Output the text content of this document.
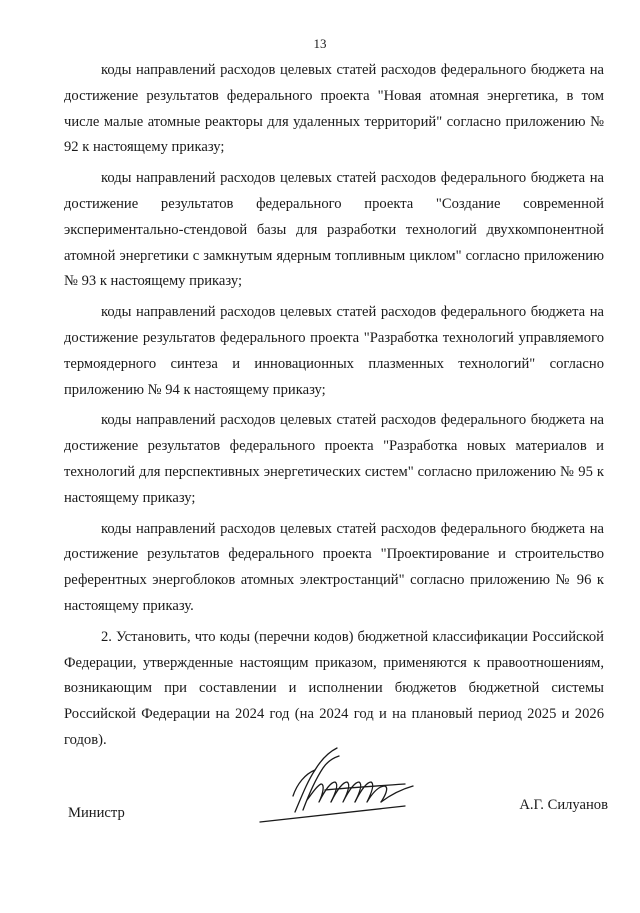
13

коды направлений расходов целевых статей расходов федерального бюджета на достижение результатов федерального проекта "Новая атомная энергетика, в том числе малые атомные реакторы для удаленных территорий" согласно приложению № 92 к настоящему приказу;

коды направлений расходов целевых статей расходов федерального бюджета на достижение результатов федерального проекта "Создание современной экспериментально-стендовой базы для разработки технологий двухкомпонентной атомной энергетики с замкнутым ядерным топливным циклом" согласно приложению № 93 к настоящему приказу;

коды направлений расходов целевых статей расходов федерального бюджета на достижение результатов федерального проекта "Разработка технологий управляемого термоядерного синтеза и инновационных плазменных технологий" согласно приложению № 94 к настоящему приказу;

коды направлений расходов целевых статей расходов федерального бюджета на достижение результатов федерального проекта "Разработка новых материалов и технологий для перспективных энергетических систем" согласно приложению № 95 к настоящему приказу;

коды направлений расходов целевых статей расходов федерального бюджета на достижение результатов федерального проекта "Проектирование и строительство референтных энергоблоков атомных электростанций" согласно приложению № 96 к настоящему приказу.

2. Установить, что коды (перечни кодов) бюджетной классификации Российской Федерации, утвержденные настоящим приказом, применяются к правоотношениям, возникающим при составлении и исполнении бюджетов бюджетной системы Российской Федерации на 2024 год (на 2024 год и на плановый период 2025 и 2026 годов).

Министр	А.Г. Силуанов
